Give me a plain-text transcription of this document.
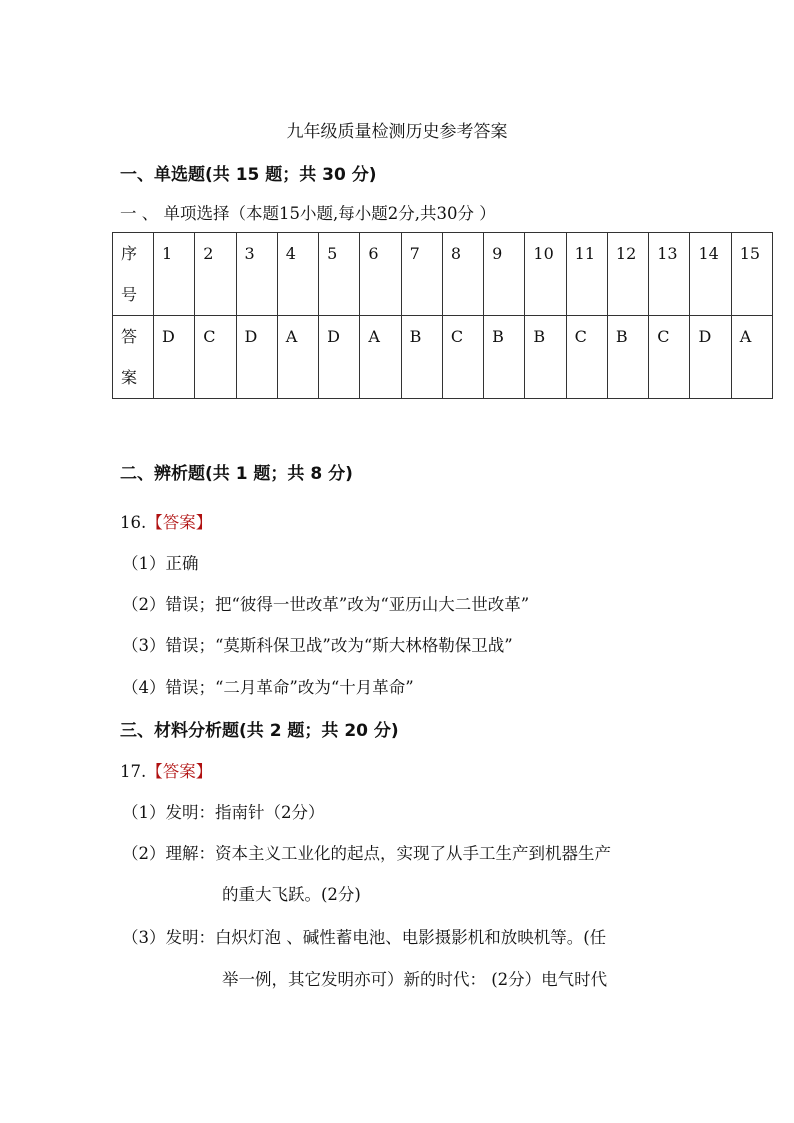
九年级质量检测历史参考答案
一、单选题(共 15 题；共 30 分)
一 、 单项选择（本题15小题,每小题2分,共30分 ）
序
号	1	2	3	4	5	6	7	8	9	10	11	12	13	14	15
答
案	D	C	D	A	D	A	B	C	B	B	C	B	C	D	A
二、辨析题(共 1 题；共 8 分)
16.【答案】
（1）正确
（2）错误；把“彼得一世改革”改为“亚历山大二世改革”
（3）错误；“莫斯科保卫战”改为“斯大林格勒保卫战”
（4）错误；“二月革命”改为“十月革命”
三、材料分析题(共 2 题；共 20 分)
17.【答案】
（1）发明：指南针（2分）
（2）理解：资本主义工业化的起点，实现了从手工生产到机器生产
的重大飞跃。(2分)
（3）发明：白炽灯泡 、碱性蓄电池、电影摄影机和放映机等。(任
举一例，其它发明亦可）新的时代： (2分）电气时代
